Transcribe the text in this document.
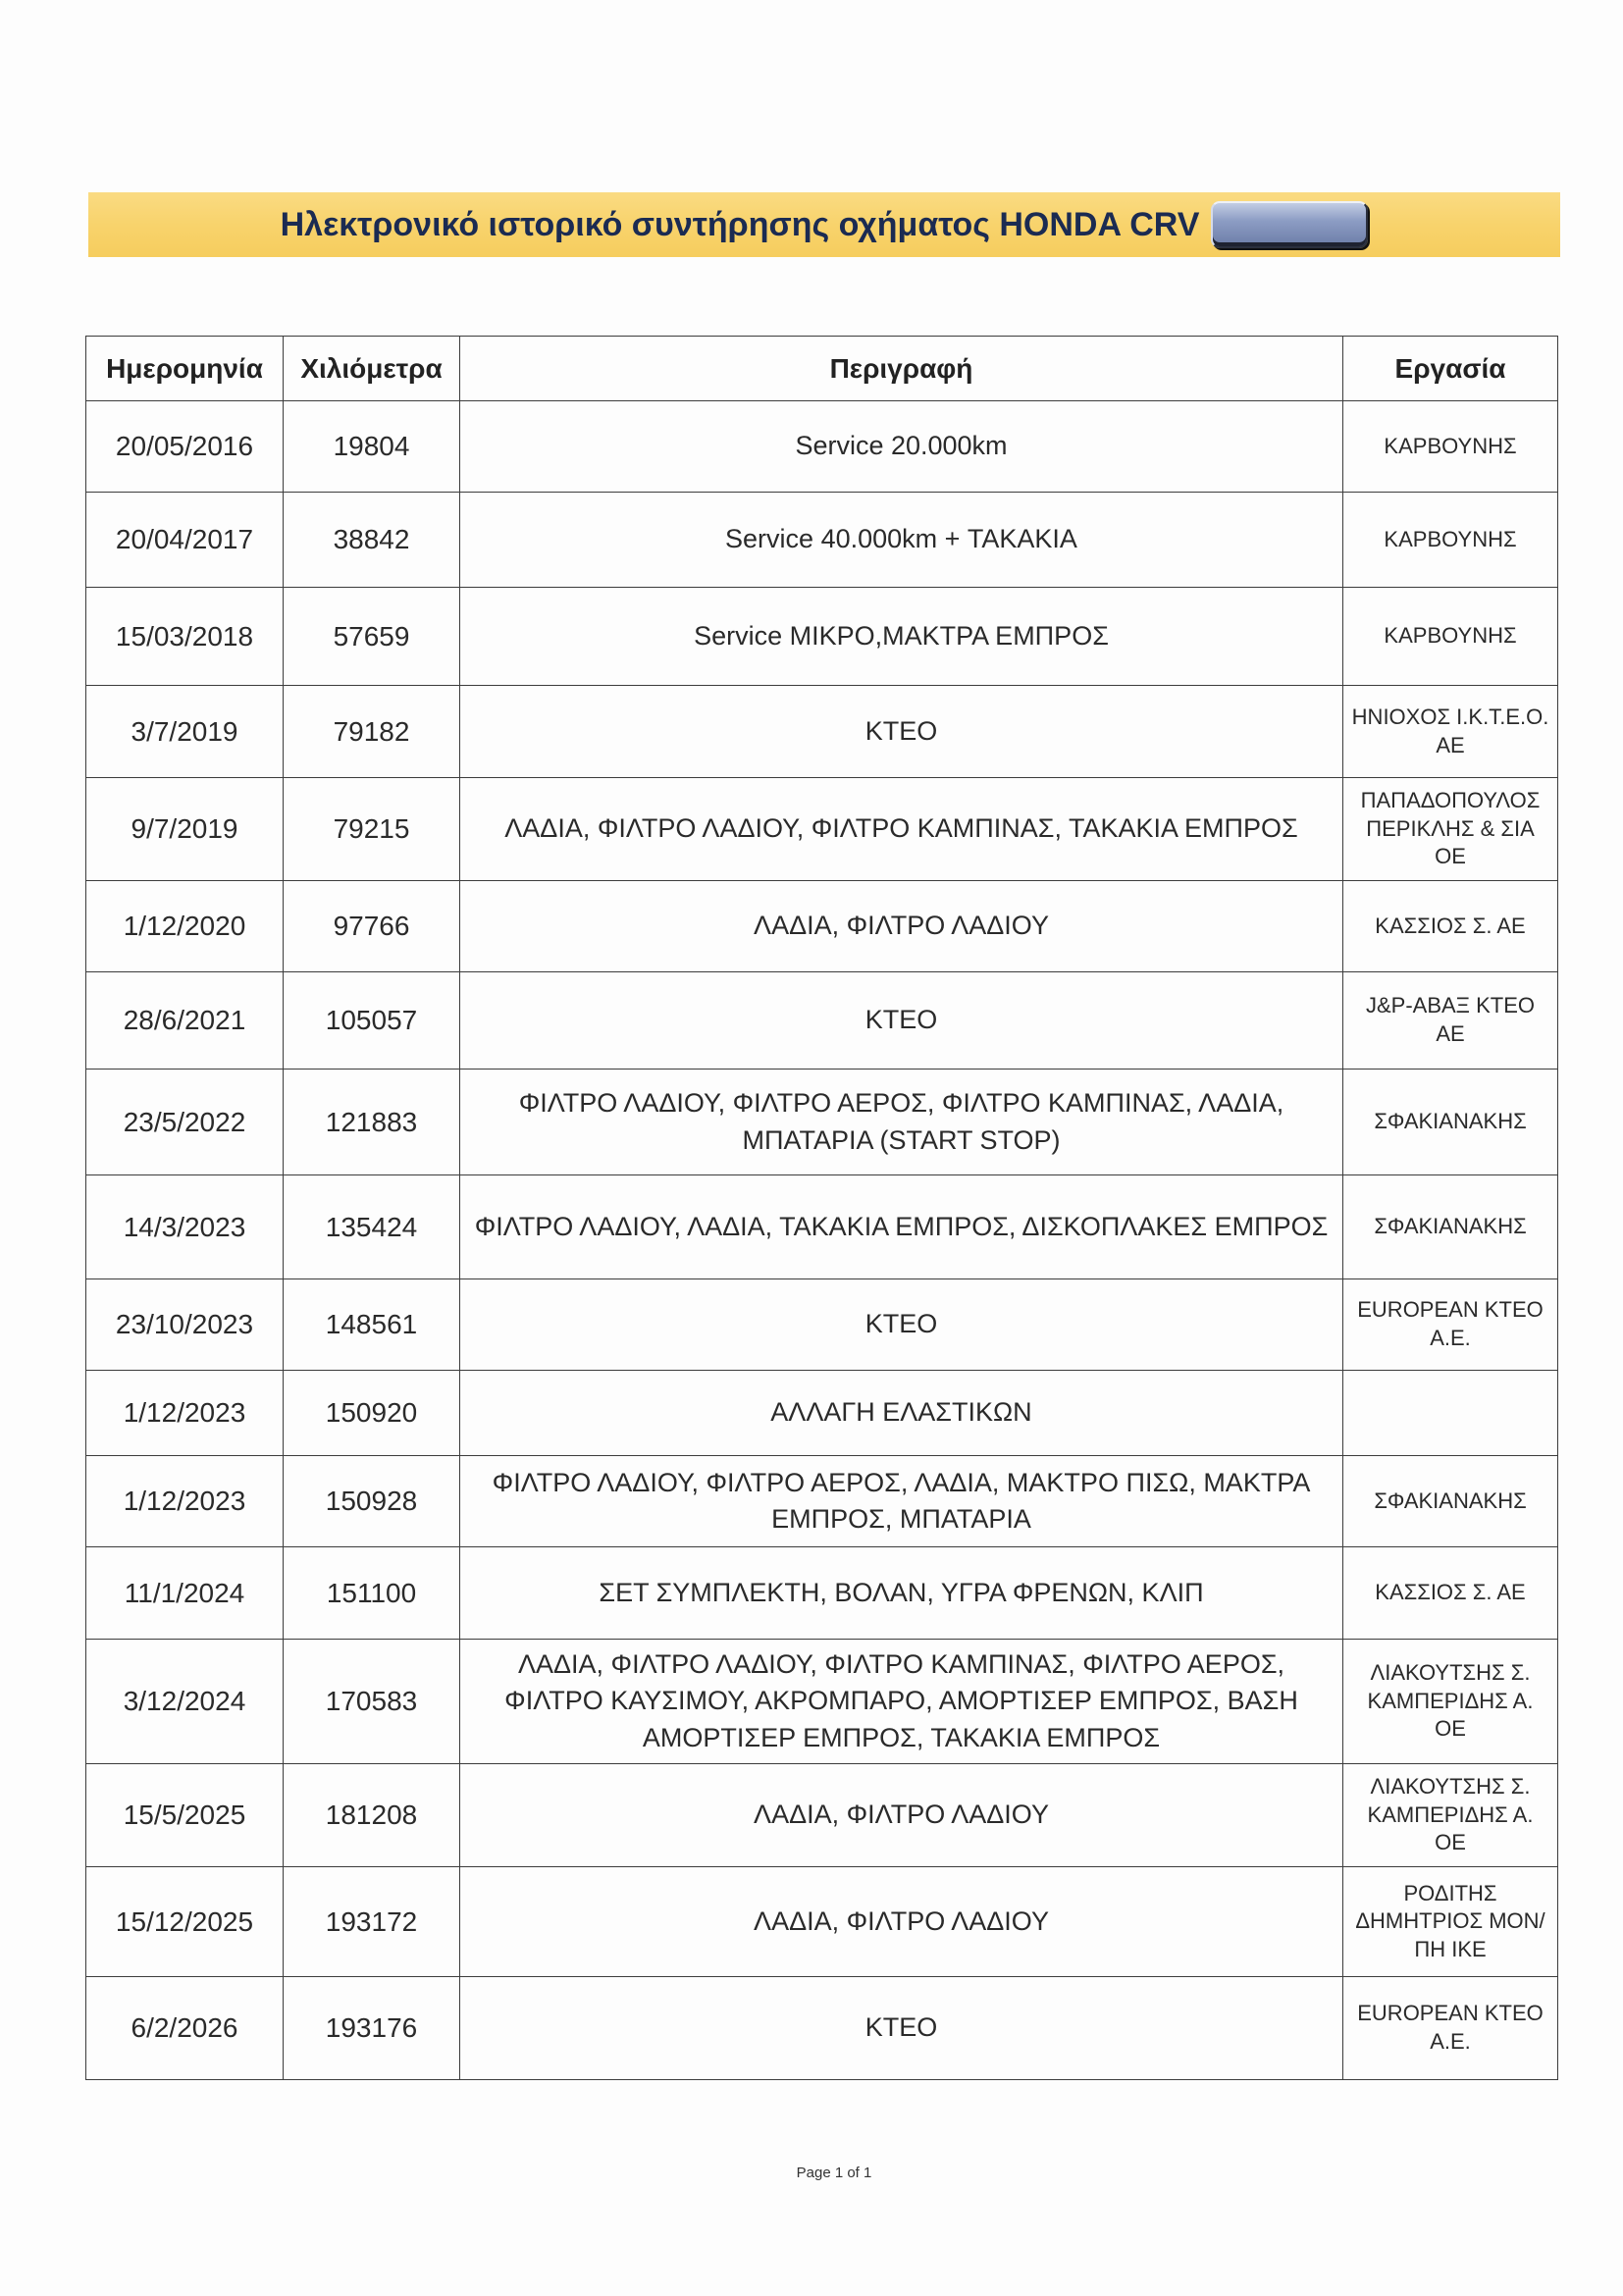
Ηλεκτρονικό ιστορικό συντήρησης οχήματος HONDA CRV
Ημερομηνία	Χιλιόμετρα	Περιγραφή	Εργασία
20/05/2016	19804	Service 20.000km	ΚΑΡΒΟΥΝΗΣ
20/04/2017	38842	Service 40.000km + ΤΑΚΑΚΙΑ	ΚΑΡΒΟΥΝΗΣ
15/03/2018	57659	Service ΜΙΚΡΟ,ΜΑΚΤΡΑ ΕΜΠΡΟΣ	ΚΑΡΒΟΥΝΗΣ
3/7/2019	79182	ΚΤΕΟ	ΗΝΙΟΧΟΣ Ι.Κ.Τ.Ε.Ο. ΑΕ
9/7/2019	79215	ΛΑΔΙΑ, ΦΙΛΤΡΟ ΛΑΔΙΟΥ, ΦΙΛΤΡΟ ΚΑΜΠΙΝΑΣ, ΤΑΚΑΚΙΑ ΕΜΠΡΟΣ	ΠΑΠΑΔΟΠΟΥΛΟΣ ΠΕΡΙΚΛΗΣ & ΣΙΑ ΟΕ
1/12/2020	97766	ΛΑΔΙΑ, ΦΙΛΤΡΟ ΛΑΔΙΟΥ	ΚΑΣΣΙΟΣ Σ. ΑΕ
28/6/2021	105057	ΚΤΕΟ	J&P-ΑΒΑΞ ΚΤΕΟ ΑΕ
23/5/2022	121883	ΦΙΛΤΡΟ ΛΑΔΙΟΥ, ΦΙΛΤΡΟ ΑΕΡΟΣ, ΦΙΛΤΡΟ ΚΑΜΠΙΝΑΣ, ΛΑΔΙΑ, ΜΠΑΤΑΡΙΑ (START STOP)	ΣΦΑΚΙΑΝΑΚΗΣ
14/3/2023	135424	ΦΙΛΤΡΟ ΛΑΔΙΟΥ, ΛΑΔΙΑ, ΤΑΚΑΚΙΑ ΕΜΠΡΟΣ, ΔΙΣΚΟΠΛΑΚΕΣ ΕΜΠΡΟΣ	ΣΦΑΚΙΑΝΑΚΗΣ
23/10/2023	148561	ΚΤΕΟ	EUROPEAN ΚΤΕΟ Α.Ε.
1/12/2023	150920	ΑΛΛΑΓΗ ΕΛΑΣΤΙΚΩΝ	
1/12/2023	150928	ΦΙΛΤΡΟ ΛΑΔΙΟΥ, ΦΙΛΤΡΟ ΑΕΡΟΣ, ΛΑΔΙΑ, ΜΑΚΤΡΟ ΠΙΣΩ, ΜΑΚΤΡΑ ΕΜΠΡΟΣ, ΜΠΑΤΑΡΙΑ	ΣΦΑΚΙΑΝΑΚΗΣ
11/1/2024	151100	ΣΕΤ ΣΥΜΠΛΕΚΤΗ, ΒΟΛΑΝ, ΥΓΡΑ ΦΡΕΝΩΝ, ΚΛΙΠ	ΚΑΣΣΙΟΣ Σ. ΑΕ
3/12/2024	170583	ΛΑΔΙΑ, ΦΙΛΤΡΟ ΛΑΔΙΟΥ, ΦΙΛΤΡΟ ΚΑΜΠΙΝΑΣ, ΦΙΛΤΡΟ ΑΕΡΟΣ, ΦΙΛΤΡΟ ΚΑΥΣΙΜΟΥ, ΑΚΡΟΜΠΑΡΟ, ΑΜΟΡΤΙΣΕΡ ΕΜΠΡΟΣ, ΒΑΣΗ ΑΜΟΡΤΙΣΕΡ ΕΜΠΡΟΣ, ΤΑΚΑΚΙΑ ΕΜΠΡΟΣ	ΛΙΑΚΟΥΤΣΗΣ Σ. ΚΑΜΠΕΡΙΔΗΣ Α. ΟΕ
15/5/2025	181208	ΛΑΔΙΑ, ΦΙΛΤΡΟ ΛΑΔΙΟΥ	ΛΙΑΚΟΥΤΣΗΣ Σ. ΚΑΜΠΕΡΙΔΗΣ Α. ΟΕ
15/12/2025	193172	ΛΑΔΙΑ, ΦΙΛΤΡΟ ΛΑΔΙΟΥ	ΡΟΔΙΤΗΣ ΔΗΜΗΤΡΙΟΣ ΜΟΝ/ΠΗ ΙΚΕ
6/2/2026	193176	ΚΤΕΟ	EUROPEAN ΚΤΕΟ Α.Ε.
Page 1 of 1
